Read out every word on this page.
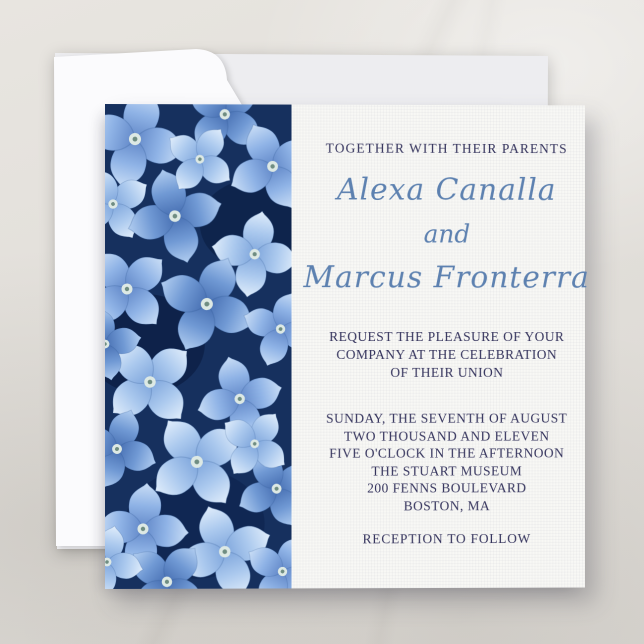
TOGETHER WITH THEIR PARENTS
Alexa Canalla
and
Marcus Fronterra
REQUEST THE PLEASURE OF YOUR
COMPANY AT THE CELEBRATION
OF THEIR UNION
SUNDAY, THE SEVENTH OF AUGUST
TWO THOUSAND AND ELEVEN
FIVE O'CLOCK IN THE AFTERNOON
THE STUART MUSEUM
200 FENNS BOULEVARD
BOSTON, MA
RECEPTION TO FOLLOW
